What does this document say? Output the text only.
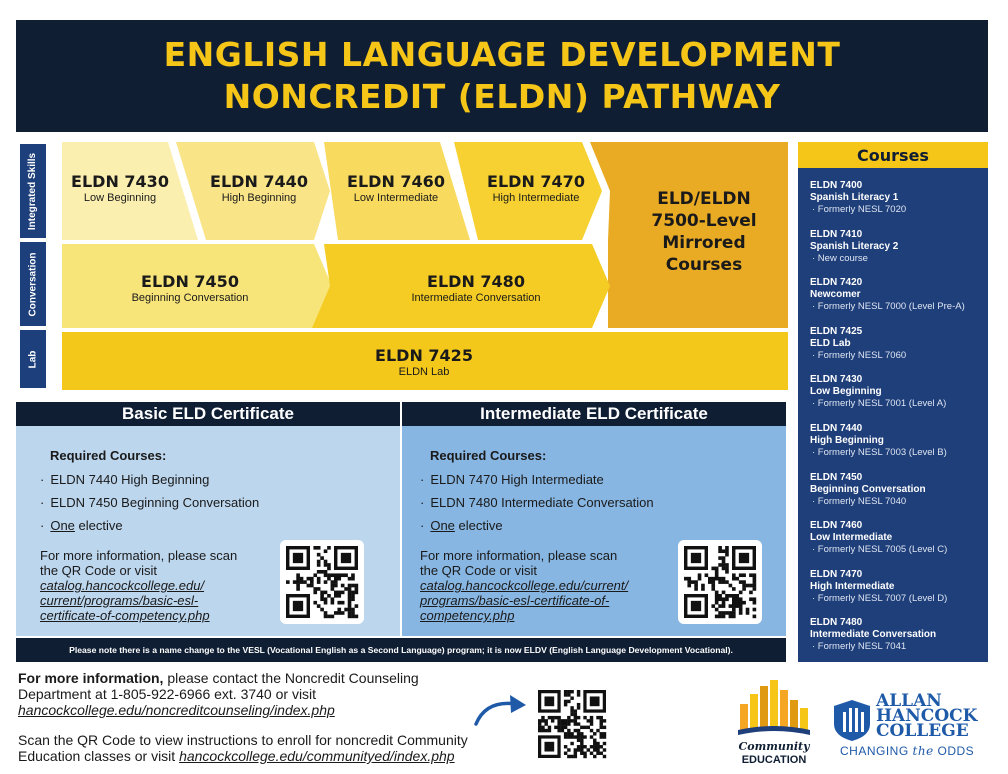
ENGLISH LANGUAGE DEVELOPMENT
NONCREDIT (ELDN) PATHWAY
Integrated Skills
Conversation
Lab
ELDN 7430
Low Beginning
ELDN 7440
High Beginning
ELDN 7460
Low Intermediate
ELDN 7470
High Intermediate	ELD/ELDN
7500-Level
Mirrored
Courses
ELDN 7450
Beginning Conversation
ELDN 7480
Intermediate Conversation
ELDN 7425
ELDN Lab
Basic ELD Certificate
Required Courses:
· ELDN 7440 High Beginning
· ELDN 7450 Beginning Conversation
· One elective
For more information, please scan
the QR Code or visit
catalog.hancockcollege.edu/
current/programs/basic-esl-
certificate-of-competency.php
Intermediate ELD Certificate
Required Courses:
· ELDN 7470 High Intermediate
· ELDN 7480 Intermediate Conversation
· One elective
For more information, please scan
the QR Code or visit
catalog.hancockcollege.edu/current/
programs/basic-esl-certificate-of-
competency.php
Please note there is a name change to the VESL (Vocational English as a Second Language) program; it is now ELDV (English Language Development Vocational).
Courses
ELDN 7400
Spanish Literacy 1
· Formerly NESL 7020
ELDN 7410
Spanish Literacy 2
· New course
ELDN 7420
Newcomer
· Formerly NESL 7000 (Level Pre-A)
ELDN 7425
ELD Lab
· Formerly NESL 7060
ELDN 7430
Low Beginning
· Formerly NESL 7001 (Level A)
ELDN 7440
High Beginning
· Formerly NESL 7003 (Level B)
ELDN 7450
Beginning Conversation
· Formerly NESL 7040
ELDN 7460
Low Intermediate
· Formerly NESL 7005 (Level C)
ELDN 7470
High Intermediate
· Formerly NESL 7007 (Level D)
ELDN 7480
Intermediate Conversation
· Formerly NESL 7041
For more information, please contact the Noncredit Counseling
Department at 1-805-922-6966 ext. 3740 or visit
hancockcollege.edu/noncreditcounseling/index.php
Scan the QR Code to view instructions to enroll for noncredit Community
Education classes or visit hancockcollege.edu/communityed/index.php
Community
EDUCATION
ALLAN
HANCOCK
COLLEGE
CHANGING the ODDS
